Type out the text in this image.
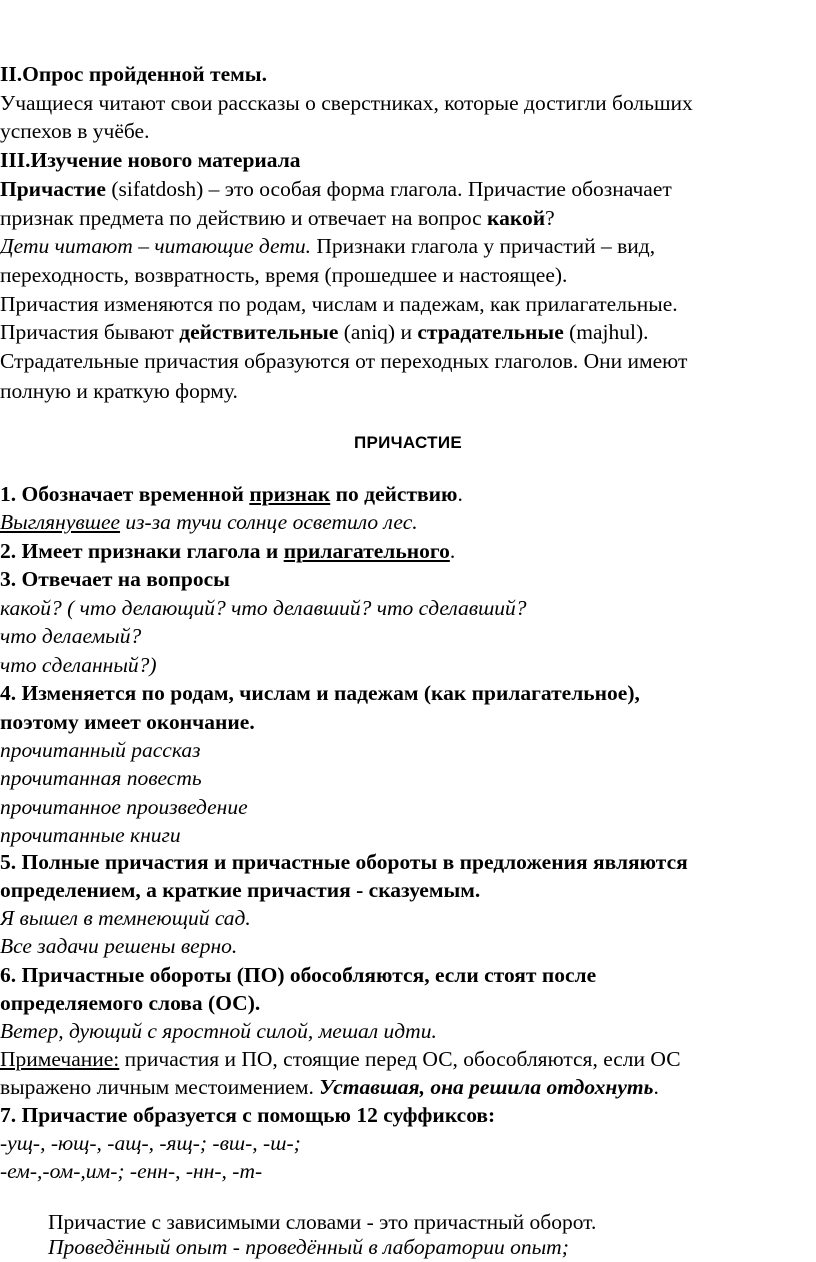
II.Опрос пройденной темы.
Учащиеся читают свои рассказы о сверстниках, которые достигли больших
успехов в учёбе.
III.Изучение нового материала
Причастие (sifatdosh) – это особая форма глагола. Причастие обозначает
признак предмета по действию и отвечает на вопрос какой?
Дети читают – читающие дети. Признаки глагола у причастий – вид,
переходность, возвратность, время (прошедшее и настоящее).
Причастия изменяются по родам, числам и падежам, как прилагательные.
Причастия бывают действительные (aniq) и страдательные (majhul).
Страдательные причастия образуются от переходных глаголов. Они имеют
полную и краткую форму.
ПРИЧАСТИЕ
1. Обозначает временной признак по действию.
Выглянувшее из-за тучи солнце осветило лес.
2. Имеет признаки глагола и прилагательного.
3. Отвечает на вопросы
какой? ( что делающий? что делавший? что сделавший?
что делаемый?
что сделанный?)
4. Изменяется по родам, числам и падежам (как прилагательное),
поэтому имеет окончание.
прочитанный рассказ
прочитанная повесть
прочитанное произведение
прочитанные книги
5. Полные причастия и причастные обороты в предложения являются
определением, а краткие причастия - сказуемым.
Я вышел в темнеющий сад.
Все задачи решены верно.
6. Причастные обороты (ПО) обособляются, если стоят после
определяемого слова (ОС).
Ветер, дующий с яростной силой, мешал идти.
Примечание: причастия и ПО, стоящие перед ОС, обособляются, если ОС
выражено личным местоимением. Уставшая, она решила отдохнуть.
7. Причастие образуется с помощью 12 суффиксов:
-ущ-, -ющ-, -ащ-, -ящ-; -вш-, -ш-;
-ем-,-ом-,им-; -енн-, -нн-, -т-
Причастие с зависимыми словами - это причастный оборот.
Проведённый опыт - проведённый в лаборатории опыт;
